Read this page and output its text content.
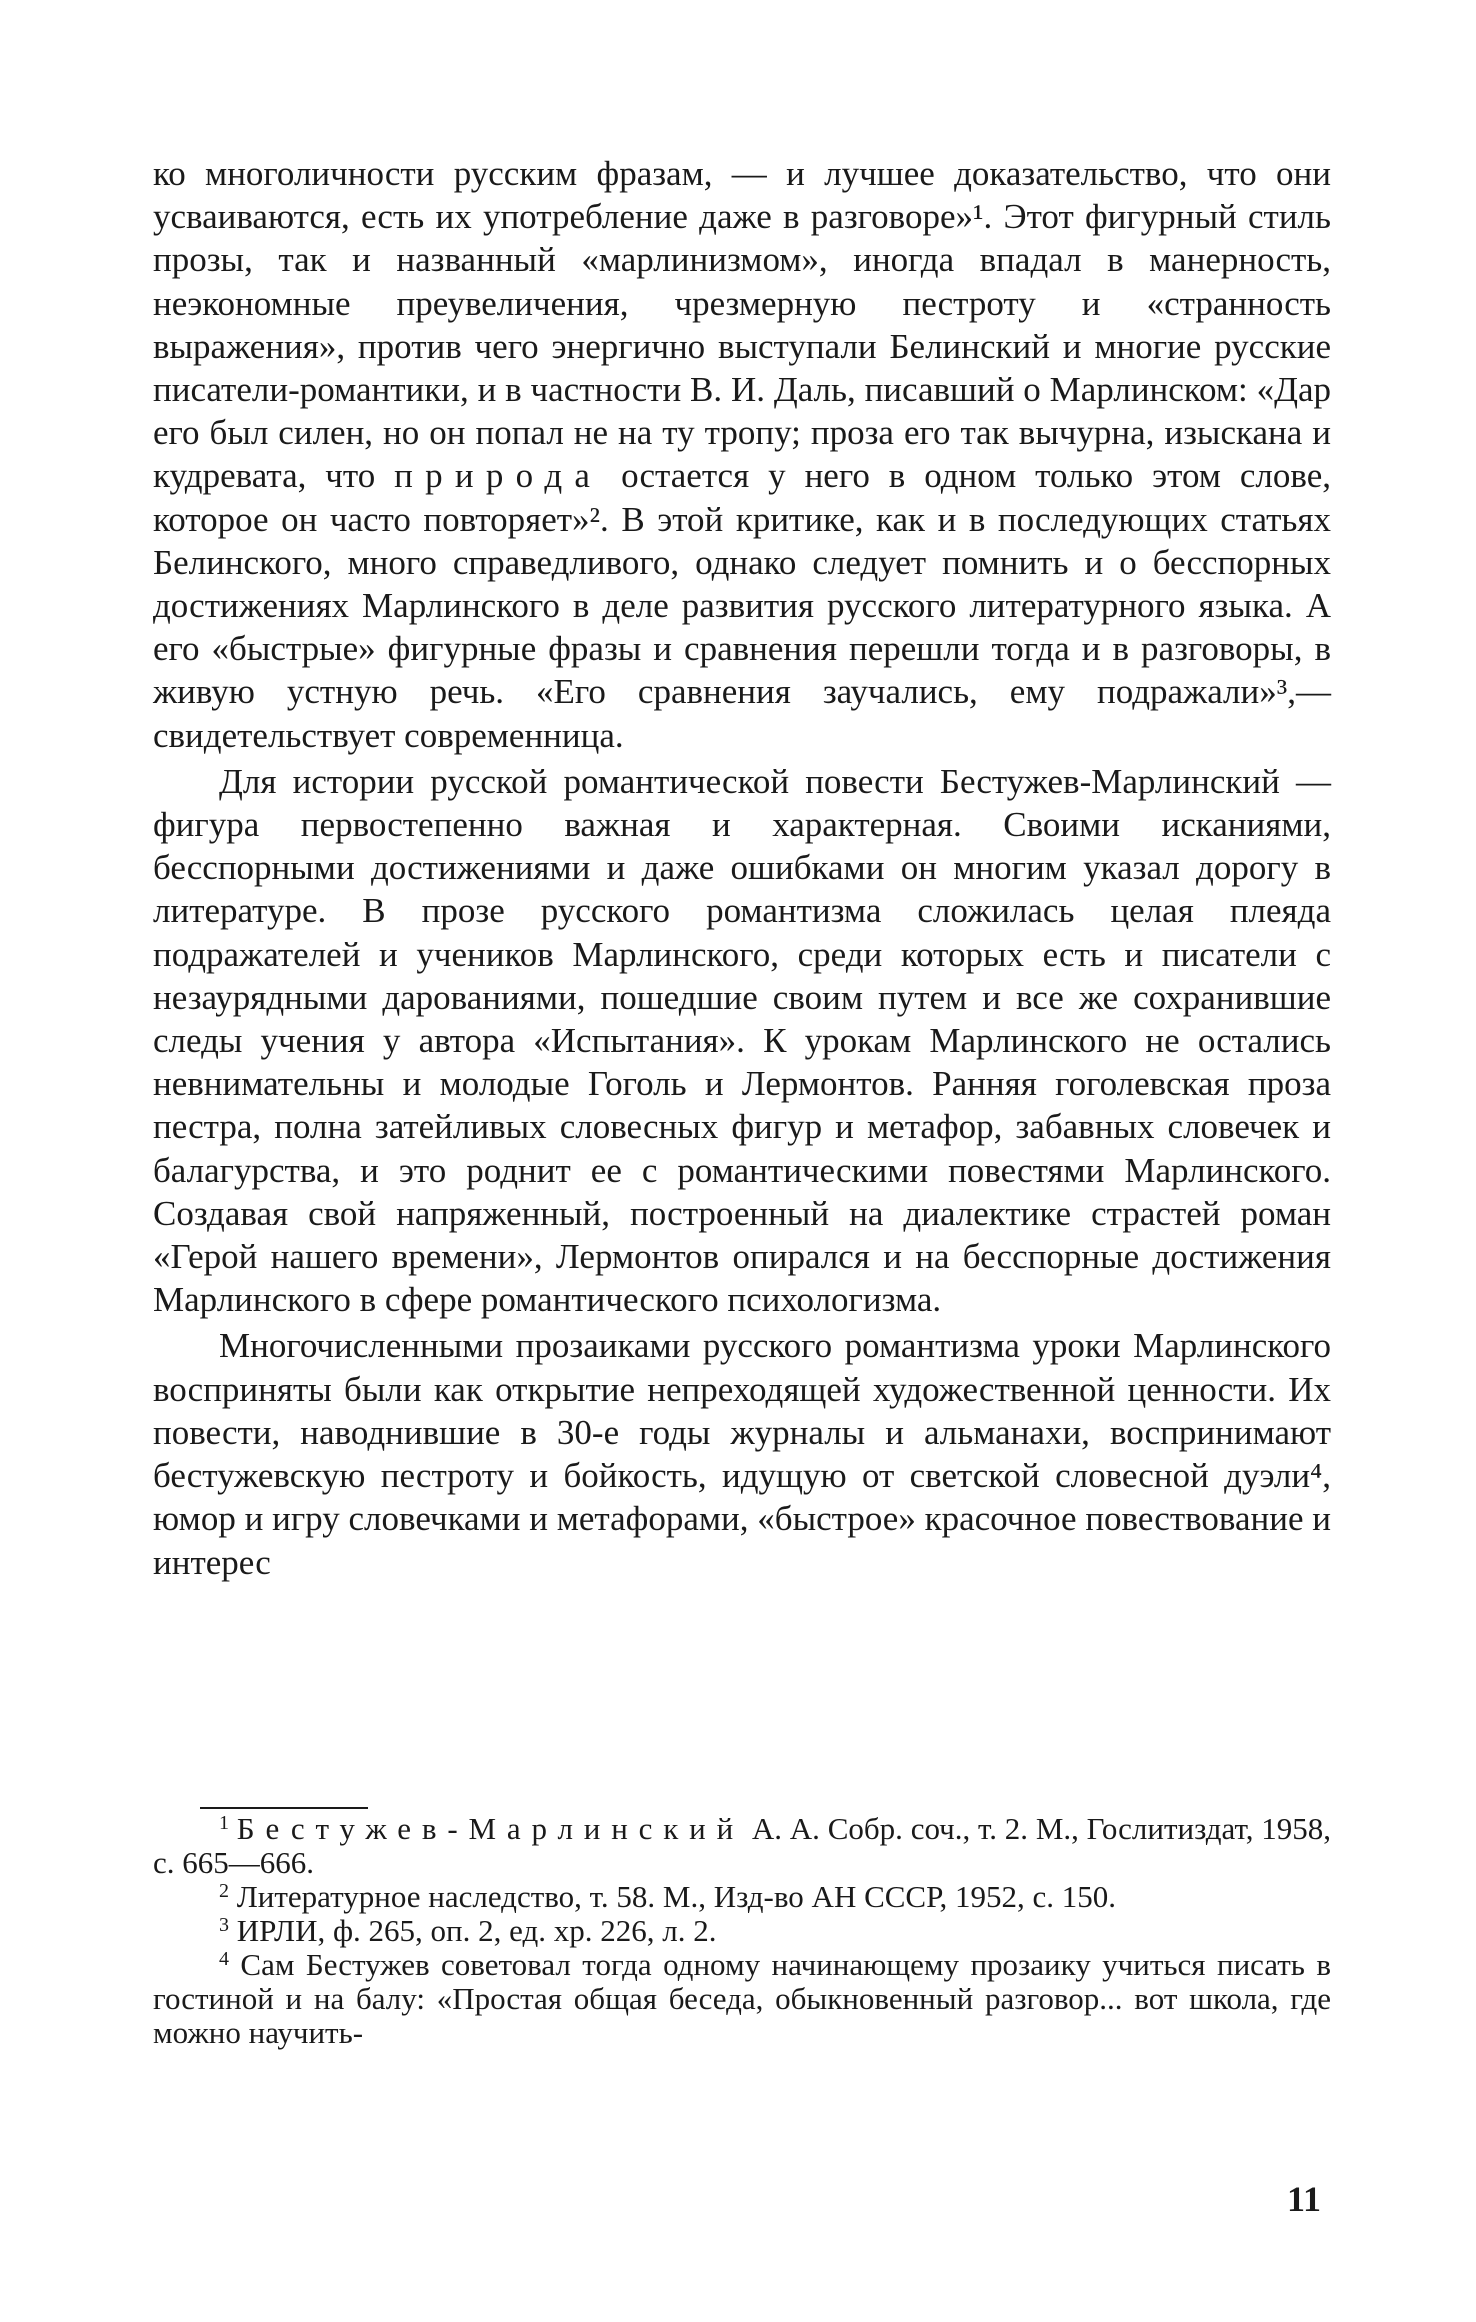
ко многоличности русским фразам, — и лучшее доказательство, что они усваиваются, есть их употребление даже в разговоре»¹. Этот фигурный стиль прозы, так и названный «марлинизмом», иногда впадал в манерность, неэкономные преувеличения, чрезмерную пестроту и «странность выражения», против чего энергично выступали Белинский и многие русские писатели-романтики, и в частности В. И. Даль, писавший о Марлинском: «Дар его был силен, но он попал не на ту тропу; проза его так вычурна, изыскана и кудревата, что природа остается у него в одном только этом слове, которое он часто повторяет»². В этой критике, как и в последующих статьях Белинского, много справедливого, однако следует помнить и о бесспорных достижениях Марлинского в деле развития русского литературного языка. А его «быстрые» фигурные фразы и сравнения перешли тогда и в разговоры, в живую устную речь. «Его сравнения заучались, ему подражали»³,— свидетельствует современница.

Для истории русской романтической повести Бестужев-Марлинский — фигура первостепенно важная и характерная. Своими исканиями, бесспорными достижениями и даже ошибками он многим указал дорогу в литературе. В прозе русского романтизма сложилась целая плеяда подражателей и учеников Марлинского, среди которых есть и писатели с незаурядными дарованиями, пошедшие своим путем и все же сохранившие следы учения у автора «Испытания». К урокам Марлинского не остались невнимательны и молодые Гоголь и Лермонтов. Ранняя гоголевская проза пестра, полна затейливых словесных фигур и метафор, забавных словечек и балагурства, и это роднит ее с романтическими повестями Марлинского. Создавая свой напряженный, построенный на диалектике страстей роман «Герой нашего времени», Лермонтов опирался и на бесспорные достижения Марлинского в сфере романтического психологизма.

Многочисленными прозаиками русского романтизма уроки Марлинского восприняты были как открытие непреходящей художественной ценности. Их повести, наводнившие в 30-е годы журналы и альманахи, воспринимают бестужевскую пестроту и бойкость, идущую от светской словесной дуэли⁴, юмор и игру словечками и метафорами, «быстрое» красочное повествование и интерес

$^1$ Бестужев-Марлинский А. А. Собр. соч., т. 2. М., Гослитиздат, 1958, с. 665—666.

$^2$ Литературное наследство, т. 58. М., Изд-во АН СССР, 1952, с. 150.

$^3$ ИРЛИ, ф. 265, оп. 2, ед. хр. 226, л. 2.

$^4$ Сам Бестужев советовал тогда одному начинающему прозаику учиться писать в гостиной и на балу: «Простая общая беседа, обыкновенный разговор... вот школа, где можно научить-

11
